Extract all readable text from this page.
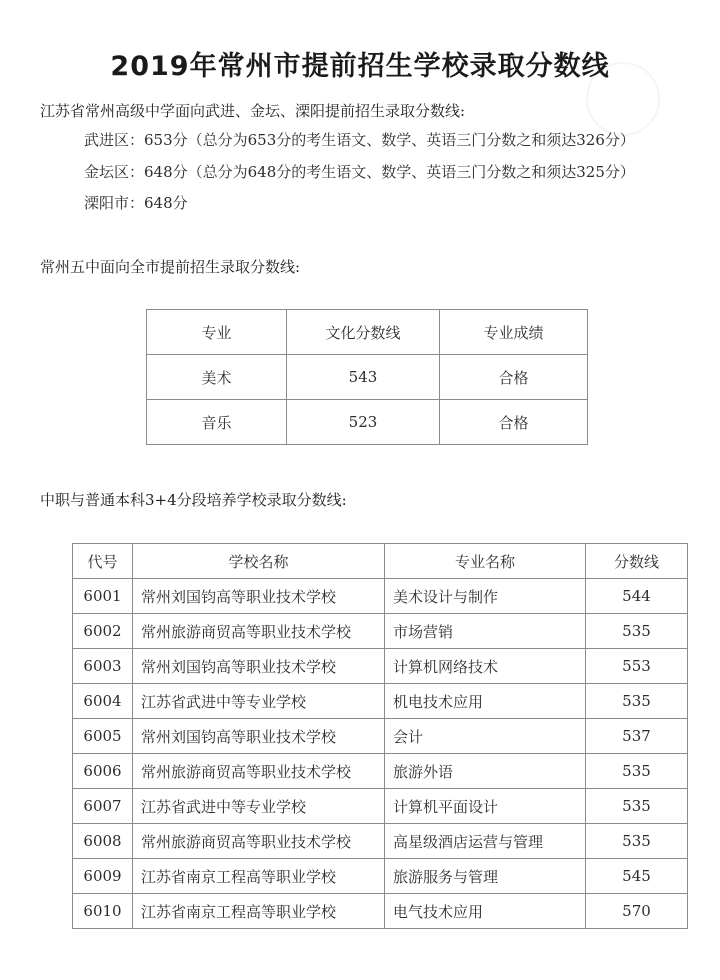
2019年常州市提前招生学校录取分数线
江苏省常州高级中学面向武进、金坛、溧阳提前招生录取分数线:
武进区：653分（总分为653分的考生语文、数学、英语三门分数之和须达326分）
金坛区：648分（总分为648分的考生语文、数学、英语三门分数之和须达325分）
溧阳市：648分
常州五中面向全市提前招生录取分数线:
专业	文化分数线	专业成绩
美术	543	合格
音乐	523	合格
中职与普通本科3+4分段培养学校录取分数线:
代号	学校名称	专业名称	分数线
6001	常州刘国钧高等职业技术学校	美术设计与制作	544
6002	常州旅游商贸高等职业技术学校	市场营销	535
6003	常州刘国钧高等职业技术学校	计算机网络技术	553
6004	江苏省武进中等专业学校	机电技术应用	535
6005	常州刘国钧高等职业技术学校	会计	537
6006	常州旅游商贸高等职业技术学校	旅游外语	535
6007	江苏省武进中等专业学校	计算机平面设计	535
6008	常州旅游商贸高等职业技术学校	高星级酒店运营与管理	535
6009	江苏省南京工程高等职业学校	旅游服务与管理	545
6010	江苏省南京工程高等职业学校	电气技术应用	570
